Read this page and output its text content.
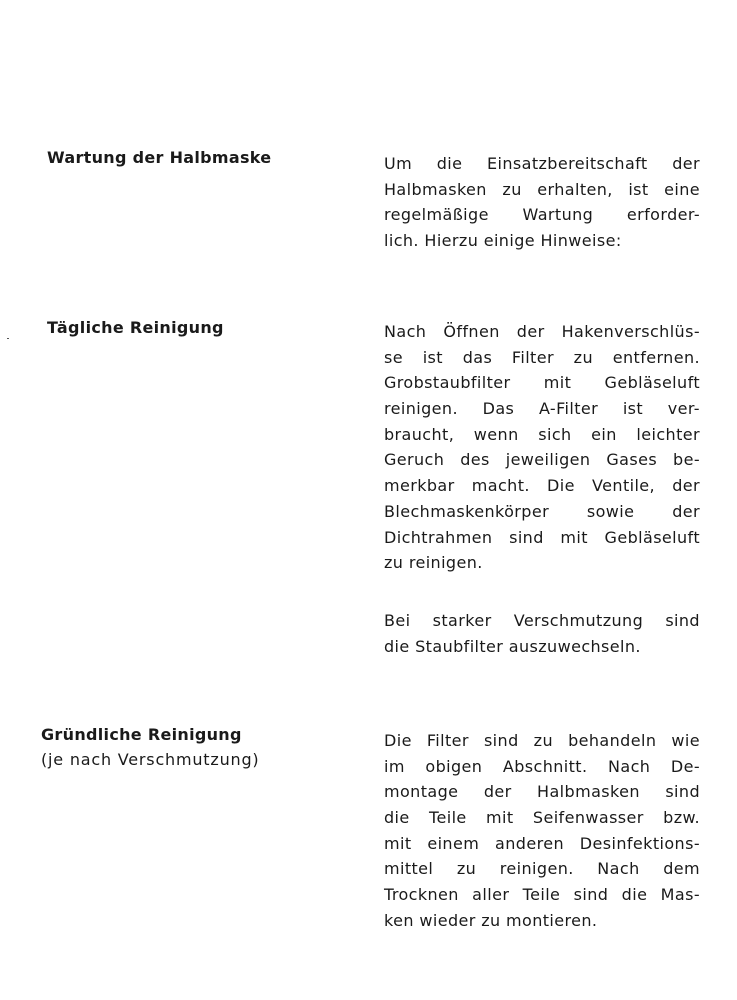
Wartung der Halbmaske	Um die Einsatzbereitschaft der
Halbmasken zu erhalten, ist eine
regelmäßige Wartung erforder-
lich. Hierzu einige Hinweise:
Tägliche Reinigung	Nach Öffnen der Hakenverschlüs-
se ist das Filter zu entfernen.
Grobstaubfilter mit Gebläseluft
reinigen. Das A-Filter ist ver-
braucht, wenn sich ein leichter
Geruch des jeweiligen Gases be-
merkbar macht. Die Ventile, der
Blechmaskenkörper sowie der
Dichtrahmen sind mit Gebläseluft
zu reinigen.
Bei starker Verschmutzung sind
die Staubfilter auszuwechseln.
Gründliche Reinigung
(je nach Verschmutzung)
Die Filter sind zu behandeln wie
im obigen Abschnitt. Nach De-
montage der Halbmasken sind
die Teile mit Seifenwasser bzw.
mit einem anderen Desinfektions-
mittel zu reinigen. Nach dem
Trocknen aller Teile sind die Mas-
ken wieder zu montieren.
